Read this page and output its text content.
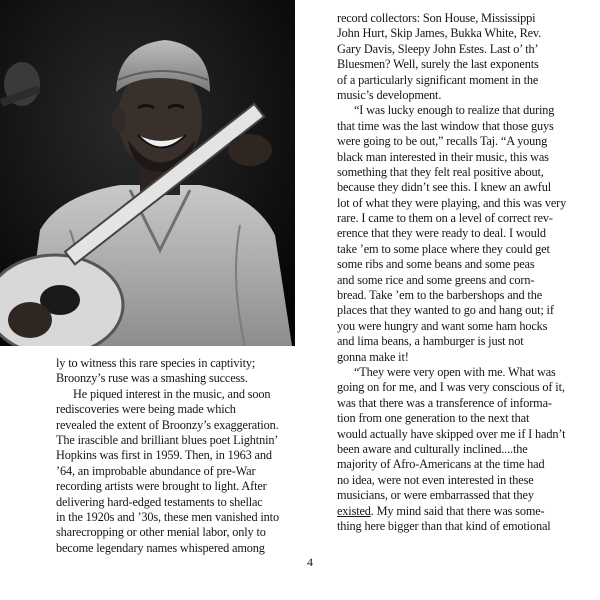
ly to witness this rare species in captivity;
Broonzy’s ruse was a smashing success.
He piqued interest in the music, and soon
rediscoveries were being made which
revealed the extent of Broonzy’s exaggeration.
The irascible and brilliant blues poet Lightnin’
Hopkins was first in 1959. Then, in 1963 and
’64, an improbable abundance of pre-War
recording artists were brought to light. After
delivering hard-edged testaments to shellac
in the 1920s and ’30s, these men vanished into
sharecropping or other menial labor, only to
become legendary names whispered among
record collectors: Son House, Mississippi
John Hurt, Skip James, Bukka White, Rev.
Gary Davis, Sleepy John Estes. Last o’ th’
Bluesmen? Well, surely the last exponents
of a particularly significant moment in the
music’s development.
“I was lucky enough to realize that during
that time was the last window that those guys
were going to be out,” recalls Taj. “A young
black man interested in their music, this was
something that they felt real positive about,
because they didn’t see this. I knew an awful
lot of what they were playing, and this was very
rare. I came to them on a level of correct rev-
erence that they were ready to deal. I would
take ’em to some place where they could get
some ribs and some beans and some peas
and some rice and some greens and corn-
bread. Take ’em to the barbershops and the
places that they wanted to go and hang out; if
you were hungry and want some ham hocks
and lima beans, a hamburger is just not
gonna make it!
“They were very open with me. What was
going on for me, and I was very conscious of it,
was that there was a transference of informa-
tion from one generation to the next that
would actually have skipped over me if I hadn’t
been aware and culturally inclined....the
majority of Afro-Americans at the time had
no idea, were not even interested in these
musicians, or were embarrassed that they
existed. My mind said that there was some-
thing here bigger than that kind of emotional
4
